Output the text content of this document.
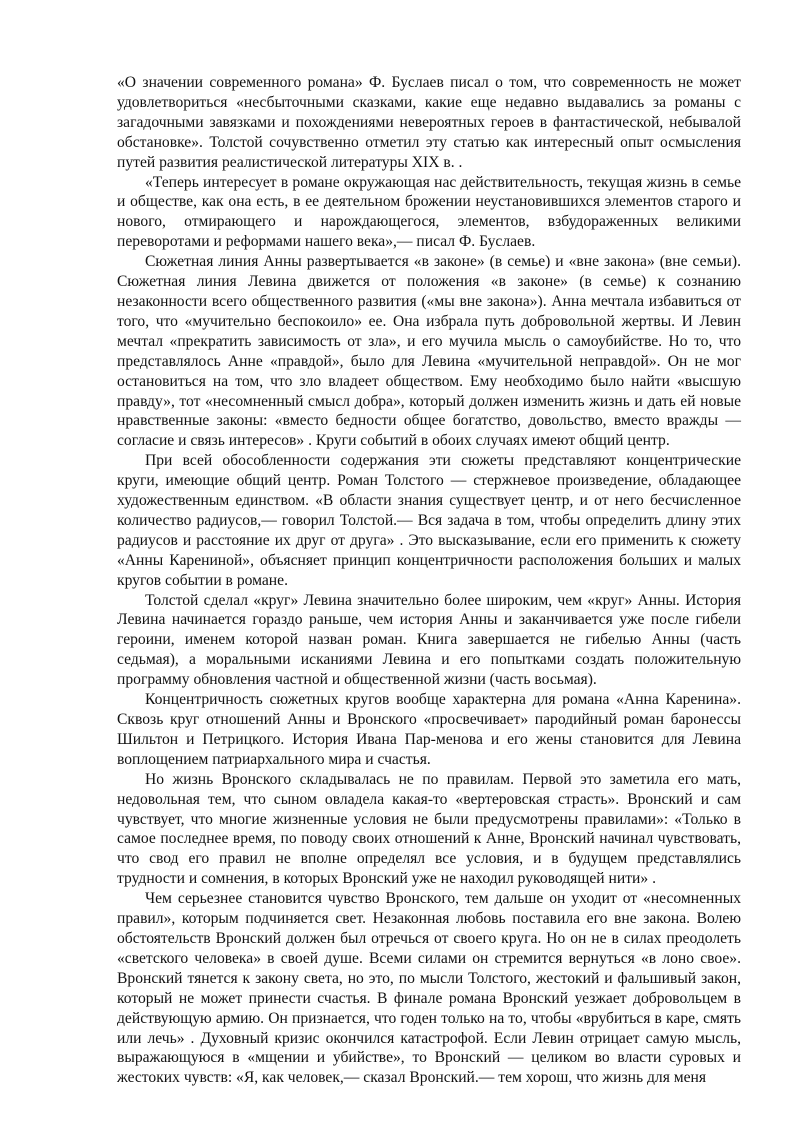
«О значении современного романа» Ф. Буслаев писал о том, что современность не может удовлетвориться «несбыточными сказками, какие еще недавно выдавались за романы с загадочными завязками и похождениями невероятных героев в фантастической, небывалой обстановке». Толстой сочувственно отметил эту статью как интересный опыт осмысления путей развития реалистической литературы XIX в. .

«Теперь интересует в романе окружающая нас действительность, текущая жизнь в семье и обществе, как она есть, в ее деятельном брожении неустановившихся элементов старого и нового, отмирающего и нарождающегося, элементов, взбудораженных великими переворотами и реформами нашего века»,— писал Ф. Буслаев.

Сюжетная линия Анны развертывается «в законе» (в семье) и «вне закона» (вне семьи). Сюжетная линия Левина движется от положения «в законе» (в семье) к сознанию незаконности всего общественного развития («мы вне закона»). Анна мечтала избавиться от того, что «мучительно беспокоило» ее. Она избрала путь добровольной жертвы. И Левин мечтал «прекратить зависимость от зла», и его мучила мысль о самоубийстве. Но то, что представлялось Анне «правдой», было для Левина «мучительной неправдой». Он не мог остановиться на том, что зло владеет обществом. Ему необходимо было найти «высшую правду», тот «несомненный смысл добра», который должен изменить жизнь и дать ей новые нравственные законы: «вместо бедности общее богатство, довольство, вместо вражды — согласие и связь интересов» . Круги событий в обоих случаях имеют общий центр.

При всей обособленности содержания эти сюжеты представляют концентрические круги, имеющие общий центр. Роман Толстого — стержневое произведение, обладающее художественным единством. «В области знания существует центр, и от него бесчисленное количество радиусов,— говорил Толстой.— Вся задача в том, чтобы определить длину этих радиусов и расстояние их друг от друга» . Это высказывание, если его применить к сюжету «Анны Карениной», объясняет принцип концентричности расположения больших и малых кругов событии в романе.

Толстой сделал «круг» Левина значительно более широким, чем «круг» Анны. История Левина начинается гораздо раньше, чем история Анны и заканчивается уже после гибели героини, именем которой назван роман. Книга завершается не гибелью Анны (часть седьмая), а моральными исканиями Левина и его попытками создать положительную программу обновления частной и общественной жизни (часть восьмая).

Концентричность сюжетных кругов вообще характерна для романа «Анна Каренина». Сквозь круг отношений Анны и Вронского «просвечивает» пародийный роман баронессы Шильтон и Петрицкого. История Ивана Пар-менова и его жены становится для Левина воплощением патриархального мира и счастья.

Но жизнь Вронского складывалась не по правилам. Первой это заметила его мать, недовольная тем, что сыном овладела какая-то «вертеровская страсть». Вронский и сам чувствует, что многие жизненные условия не были предусмотрены правилами»: «Только в самое последнее время, по поводу своих отношений к Анне, Вронский начинал чувствовать, что свод его правил не вполне определял все условия, и в будущем представлялись трудности и сомнения, в которых Вронский уже не находил руководящей нити» .

Чем серьезнее становится чувство Вронского, тем дальше он уходит от «несомненных правил», которым подчиняется свет. Незаконная любовь поставила его вне закона. Волею обстоятельств Вронский должен был отречься от своего круга. Но он не в силах преодолеть «светского человека» в своей душе. Всеми силами он стремится вернуться «в лоно свое». Вронский тянется к закону света, но это, по мысли Толстого, жестокий и фальшивый закон, который не может принести счастья. В финале романа Вронский уезжает добровольцем в действующую армию. Он признается, что годен только на то, чтобы «врубиться в каре, смять или лечь» . Духовный кризис окончился катастрофой. Если Левин отрицает самую мысль, выражающуюся в «мщении и убийстве», то Вронский — целиком во власти суровых и жестоких чувств: «Я, как человек,— сказал Вронский.— тем хорош, что жизнь для меня
